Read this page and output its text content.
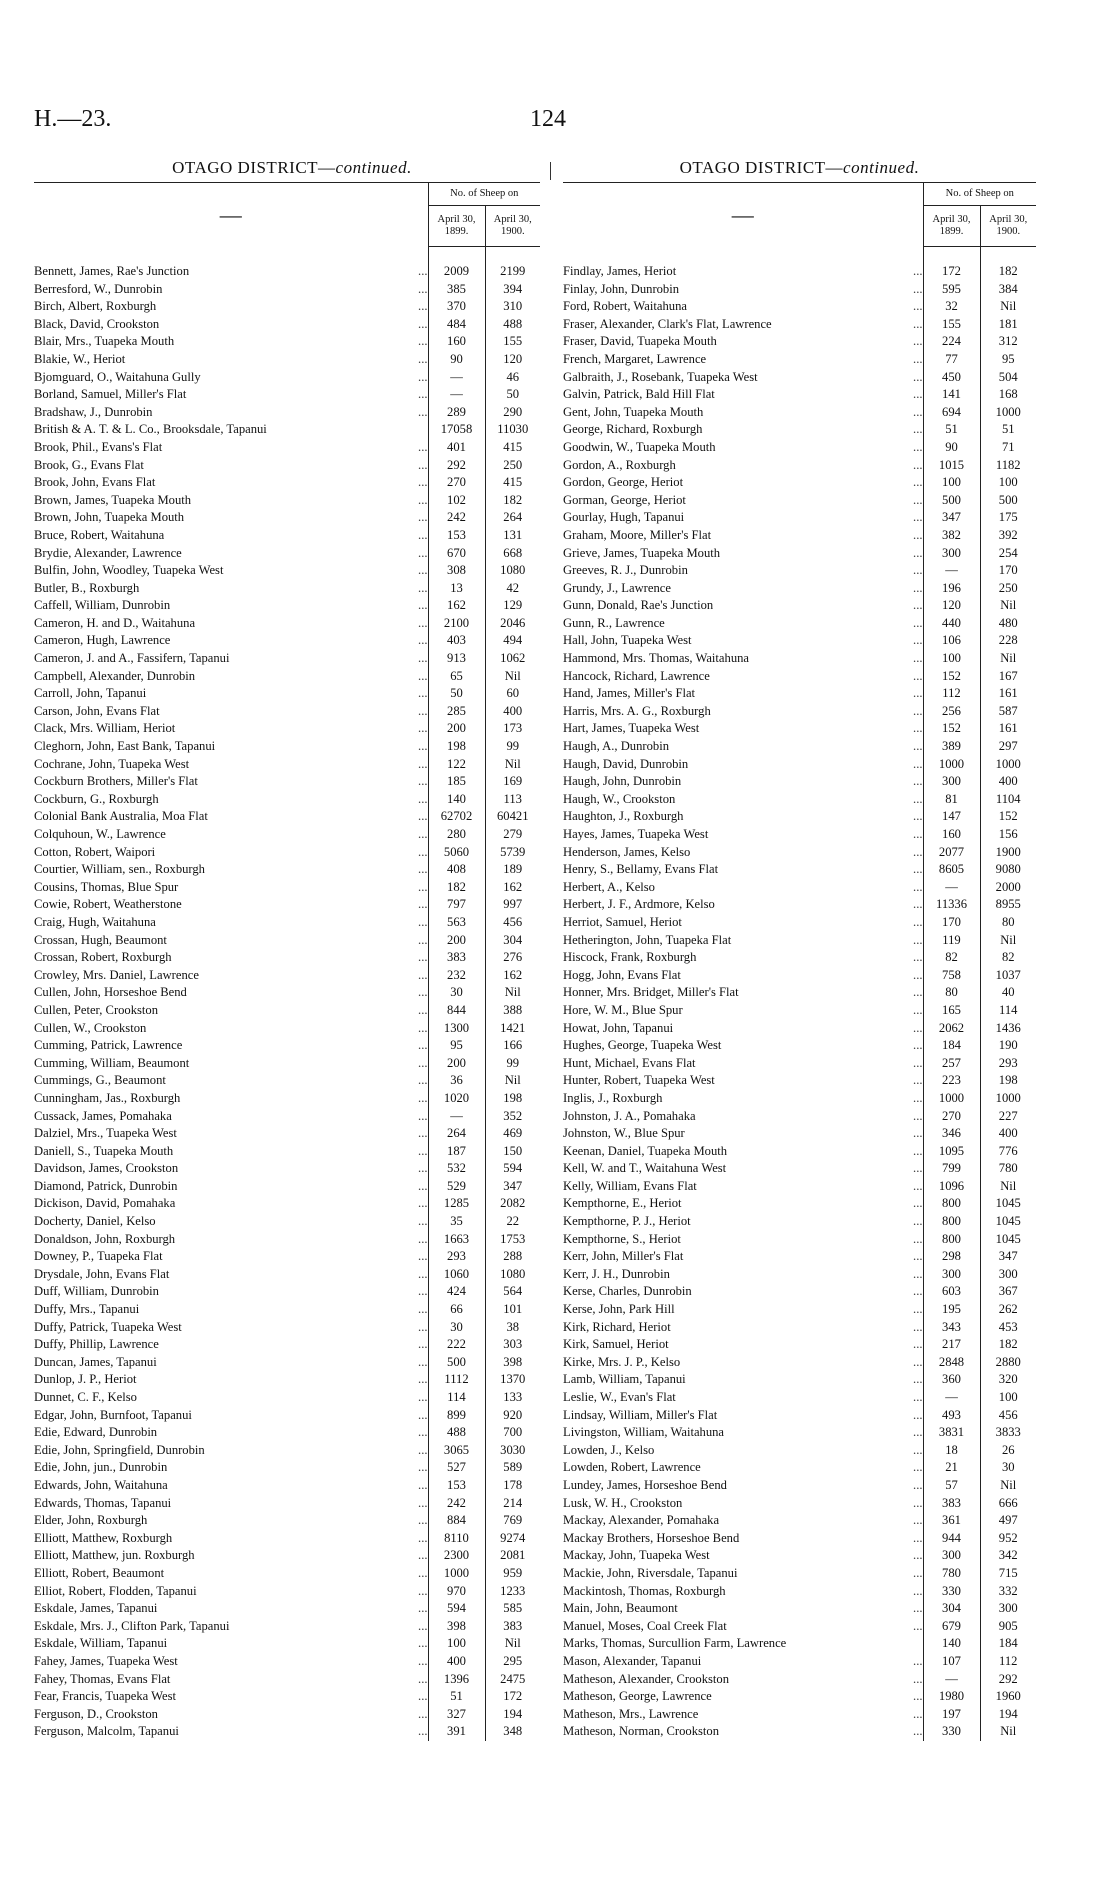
H.—23.	124
OTAGO DISTRICT—continued.
—		No. of Sheep on	
		April 30, 1899.	April 30, 1900.

Bennett, James, Rae's Junction	...	2009	2199
Berresford, W., Dunrobin	...	385	394
Birch, Albert, Roxburgh	...	370	310
Black, David, Crookston	...	484	488
Blair, Mrs., Tuapeka Mouth	...	160	155
Blakie, W., Heriot	...	90	120
Bjomguard, O., Waitahuna Gully	...	—	46
Borland, Samuel, Miller's Flat	...	—	50
Bradshaw, J., Dunrobin	...	289	290
British & A. T. & L. Co., Brooksdale, Tapanui		17058	11030
Brook, Phil., Evans's Flat	...	401	415
Brook, G., Evans Flat	...	292	250
Brook, John, Evans Flat	...	270	415
Brown, James, Tuapeka Mouth	...	102	182
Brown, John, Tuapeka Mouth	...	242	264
Bruce, Robert, Waitahuna	...	153	131
Brydie, Alexander, Lawrence	...	670	668
Bulfin, John, Woodley, Tuapeka West	...	308	1080
Butler, B., Roxburgh	...	13	42
Caffell, William, Dunrobin	...	162	129
Cameron, H. and D., Waitahuna	...	2100	2046
Cameron, Hugh, Lawrence	...	403	494
Cameron, J. and A., Fassifern, Tapanui	...	913	1062
Campbell, Alexander, Dunrobin	...	65	Nil
Carroll, John, Tapanui	...	50	60
Carson, John, Evans Flat	...	285	400
Clack, Mrs. William, Heriot	...	200	173
Cleghorn, John, East Bank, Tapanui	...	198	99
Cochrane, John, Tuapeka West	...	122	Nil
Cockburn Brothers, Miller's Flat	...	185	169
Cockburn, G., Roxburgh	...	140	113
Colonial Bank Australia, Moa Flat	...	62702	60421
Colquhoun, W., Lawrence	...	280	279
Cotton, Robert, Waipori	...	5060	5739
Courtier, William, sen., Roxburgh	...	408	189
Cousins, Thomas, Blue Spur	...	182	162
Cowie, Robert, Weatherstone	...	797	997
Craig, Hugh, Waitahuna	...	563	456
Crossan, Hugh, Beaumont	...	200	304
Crossan, Robert, Roxburgh	...	383	276
Crowley, Mrs. Daniel, Lawrence	...	232	162
Cullen, John, Horseshoe Bend	...	30	Nil
Cullen, Peter, Crookston	...	844	388
Cullen, W., Crookston	...	1300	1421
Cumming, Patrick, Lawrence	...	95	166
Cumming, William, Beaumont	...	200	99
Cummings, G., Beaumont	...	36	Nil
Cunningham, Jas., Roxburgh	...	1020	198
Cussack, James, Pomahaka	...	—	352
Dalziel, Mrs., Tuapeka West	...	264	469
Daniell, S., Tuapeka Mouth	...	187	150
Davidson, James, Crookston	...	532	594
Diamond, Patrick, Dunrobin	...	529	347
Dickison, David, Pomahaka	...	1285	2082
Docherty, Daniel, Kelso	...	35	22
Donaldson, John, Roxburgh	...	1663	1753
Downey, P., Tuapeka Flat	...	293	288
Drysdale, John, Evans Flat	...	1060	1080
Duff, William, Dunrobin	...	424	564
Duffy, Mrs., Tapanui	...	66	101
Duffy, Patrick, Tuapeka West	...	30	38
Duffy, Phillip, Lawrence	...	222	303
Duncan, James, Tapanui	...	500	398
Dunlop, J. P., Heriot	...	1112	1370
Dunnet, C. F., Kelso	...	114	133
Edgar, John, Burnfoot, Tapanui	...	899	920
Edie, Edward, Dunrobin	...	488	700
Edie, John, Springfield, Dunrobin	...	3065	3030
Edie, John, jun., Dunrobin	...	527	589
Edwards, John, Waitahuna	...	153	178
Edwards, Thomas, Tapanui	...	242	214
Elder, John, Roxburgh	...	884	769
Elliott, Matthew, Roxburgh	...	8110	9274
Elliott, Matthew, jun. Roxburgh	...	2300	2081
Elliott, Robert, Beaumont	...	1000	959
Elliot, Robert, Flodden, Tapanui	...	970	1233
Eskdale, James, Tapanui	...	594	585
Eskdale, Mrs. J., Clifton Park, Tapanui	...	398	383
Eskdale, William, Tapanui	...	100	Nil
Fahey, James, Tuapeka West	...	400	295
Fahey, Thomas, Evans Flat	...	1396	2475
Fear, Francis, Tuapeka West	...	51	172
Ferguson, D., Crookston	...	327	194
Ferguson, Malcolm, Tapanui	...	391	348
OTAGO DISTRICT—continued.
—		No. of Sheep on	
		April 30, 1899.	April 30, 1900.

Findlay, James, Heriot	...	172	182
Finlay, John, Dunrobin	...	595	384
Ford, Robert, Waitahuna	...	32	Nil
Fraser, Alexander, Clark's Flat, Lawrence	...	155	181
Fraser, David, Tuapeka Mouth	...	224	312
French, Margaret, Lawrence	...	77	95
Galbraith, J., Rosebank, Tuapeka West	...	450	504
Galvin, Patrick, Bald Hill Flat	...	141	168
Gent, John, Tuapeka Mouth	...	694	1000
George, Richard, Roxburgh	...	51	51
Goodwin, W., Tuapeka Mouth	...	90	71
Gordon, A., Roxburgh	...	1015	1182
Gordon, George, Heriot	...	100	100
Gorman, George, Heriot	...	500	500
Gourlay, Hugh, Tapanui	...	347	175
Graham, Moore, Miller's Flat	...	382	392
Grieve, James, Tuapeka Mouth	...	300	254
Greeves, R. J., Dunrobin	...	—	170
Grundy, J., Lawrence	...	196	250
Gunn, Donald, Rae's Junction	...	120	Nil
Gunn, R., Lawrence	...	440	480
Hall, John, Tuapeka West	...	106	228
Hammond, Mrs. Thomas, Waitahuna	...	100	Nil
Hancock, Richard, Lawrence	...	152	167
Hand, James, Miller's Flat	...	112	161
Harris, Mrs. A. G., Roxburgh	...	256	587
Hart, James, Tuapeka West	...	152	161
Haugh, A., Dunrobin	...	389	297
Haugh, David, Dunrobin	...	1000	1000
Haugh, John, Dunrobin	...	300	400
Haugh, W., Crookston	...	81	1104
Haughton, J., Roxburgh	...	147	152
Hayes, James, Tuapeka West	...	160	156
Henderson, James, Kelso	...	2077	1900
Henry, S., Bellamy, Evans Flat	...	8605	9080
Herbert, A., Kelso	...	—	2000
Herbert, J. F., Ardmore, Kelso	...	11336	8955
Herriot, Samuel, Heriot	...	170	80
Hetherington, John, Tuapeka Flat	...	119	Nil
Hiscock, Frank, Roxburgh	...	82	82
Hogg, John, Evans Flat	...	758	1037
Honner, Mrs. Bridget, Miller's Flat	...	80	40
Hore, W. M., Blue Spur	...	165	114
Howat, John, Tapanui	...	2062	1436
Hughes, George, Tuapeka West	...	184	190
Hunt, Michael, Evans Flat	...	257	293
Hunter, Robert, Tuapeka West	...	223	198
Inglis, J., Roxburgh	...	1000	1000
Johnston, J. A., Pomahaka	...	270	227
Johnston, W., Blue Spur	...	346	400
Keenan, Daniel, Tuapeka Mouth	...	1095	776
Kell, W. and T., Waitahuna West	...	799	780
Kelly, William, Evans Flat	...	1096	Nil
Kempthorne, E., Heriot	...	800	1045
Kempthorne, P. J., Heriot	...	800	1045
Kempthorne, S., Heriot	...	800	1045
Kerr, John, Miller's Flat	...	298	347
Kerr, J. H., Dunrobin	...	300	300
Kerse, Charles, Dunrobin	...	603	367
Kerse, John, Park Hill	...	195	262
Kirk, Richard, Heriot	...	343	453
Kirk, Samuel, Heriot	...	217	182
Kirke, Mrs. J. P., Kelso	...	2848	2880
Lamb, William, Tapanui	...	360	320
Leslie, W., Evan's Flat	...	—	100
Lindsay, William, Miller's Flat	...	493	456
Livingston, William, Waitahuna	...	3831	3833
Lowden, J., Kelso	...	18	26
Lowden, Robert, Lawrence	...	21	30
Lundey, James, Horseshoe Bend	...	57	Nil
Lusk, W. H., Crookston	...	383	666
Mackay, Alexander, Pomahaka	...	361	497
Mackay Brothers, Horseshoe Bend	...	944	952
Mackay, John, Tuapeka West	...	300	342
Mackie, John, Riversdale, Tapanui	...	780	715
Mackintosh, Thomas, Roxburgh	...	330	332
Main, John, Beaumont	...	304	300
Manuel, Moses, Coal Creek Flat	...	679	905
Marks, Thomas, Surcullion Farm, Lawrence		140	184
Mason, Alexander, Tapanui	...	107	112
Matheson, Alexander, Crookston	...	—	292
Matheson, George, Lawrence	...	1980	1960
Matheson, Mrs., Lawrence	...	197	194
Matheson, Norman, Crookston	...	330	Nil
